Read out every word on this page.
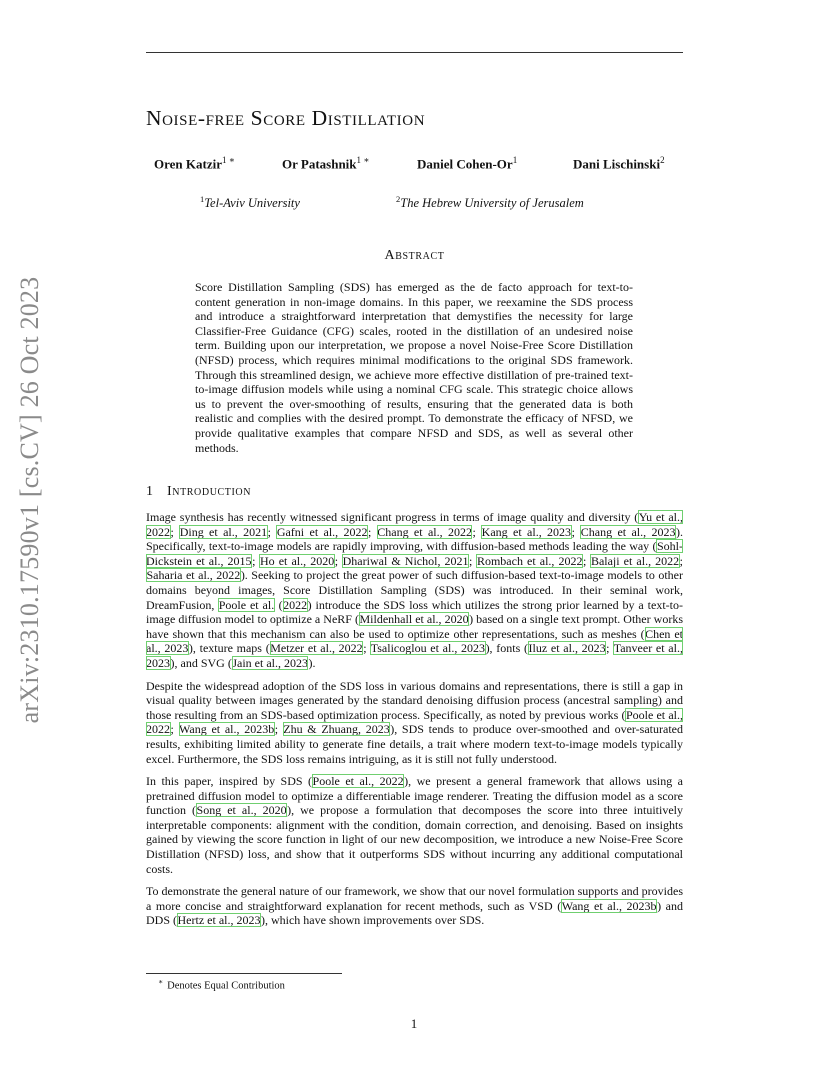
arXiv:2310.17590v1 [cs.CV] 26 Oct 2023
Noise-free Score Distillation
Oren Katzir$^{1 ∗}$	Or Patashnik$^{1 ∗}$	Daniel Cohen-Or$^1$	Dani Lischinski$^2$
$^1$Tel-Aviv University	$^2$The Hebrew University of Jerusalem
Abstract
Score Distillation Sampling (SDS) has emerged as the de facto approach for text-to-content generation in non-image domains. In this paper, we reexamine the SDS process and introduce a straightforward interpretation that demystifies the necessity for large Classifier-Free Guidance (CFG) scales, rooted in the distillation of an undesired noise term. Building upon our interpretation, we propose a novel Noise-Free Score Distillation (NFSD) process, which requires minimal modifications to the original SDS framework. Through this streamlined design, we achieve more effective distillation of pre-trained text-to-image diffusion models while using a nominal CFG scale. This strategic choice allows us to prevent the over-smoothing of results, ensuring that the generated data is both realistic and complies with the desired prompt. To demonstrate the efficacy of NFSD, we provide qualitative examples that compare NFSD and SDS, as well as several other methods.
1 Introduction

Image synthesis has recently witnessed significant progress in terms of image quality and diversity (Yu et al., 2022; Ding et al., 2021; Gafni et al., 2022; Chang et al., 2022; Kang et al., 2023; Chang et al., 2023). Specifically, text-to-image models are rapidly improving, with diffusion-based methods leading the way (Sohl-Dickstein et al., 2015; Ho et al., 2020; Dhariwal & Nichol, 2021; Rombach et al., 2022; Balaji et al., 2022; Saharia et al., 2022). Seeking to project the great power of such diffusion-based text-to-image models to other domains beyond images, Score Distillation Sampling (SDS) was introduced. In their seminal work, DreamFusion, Poole et al. (2022) introduce the SDS loss which utilizes the strong prior learned by a text-to-image diffusion model to optimize a NeRF (Mildenhall et al., 2020) based on a single text prompt. Other works have shown that this mechanism can also be used to optimize other representations, such as meshes (Chen et al., 2023), texture maps (Metzer et al., 2022; Tsalicoglou et al., 2023), fonts (Iluz et al., 2023; Tanveer et al., 2023), and SVG (Jain et al., 2023).

Despite the widespread adoption of the SDS loss in various domains and representations, there is still a gap in visual quality between images generated by the standard denoising diffusion process (ancestral sampling) and those resulting from an SDS-based optimization process. Specifically, as noted by previous works (Poole et al., 2022; Wang et al., 2023b; Zhu & Zhuang, 2023), SDS tends to produce over-smoothed and over-saturated results, exhibiting limited ability to generate fine details, a trait where modern text-to-image models typically excel. Furthermore, the SDS loss remains intriguing, as it is still not fully understood.

In this paper, inspired by SDS (Poole et al., 2022), we present a general framework that allows using a pretrained diffusion model to optimize a differentiable image renderer. Treating the diffusion model as a score function (Song et al., 2020), we propose a formulation that decomposes the score into three intuitively interpretable components: alignment with the condition, domain correction, and denoising. Based on insights gained by viewing the score function in light of our new decomposition, we introduce a new Noise-Free Score Distillation (NFSD) loss, and show that it outperforms SDS without incurring any additional computational costs.

To demonstrate the general nature of our framework, we show that our novel formulation supports and provides a more concise and straightforward explanation for recent methods, such as VSD (Wang et al., 2023b) and DDS (Hertz et al., 2023), which have shown improvements over SDS.

∗ Denotes Equal Contribution
1
